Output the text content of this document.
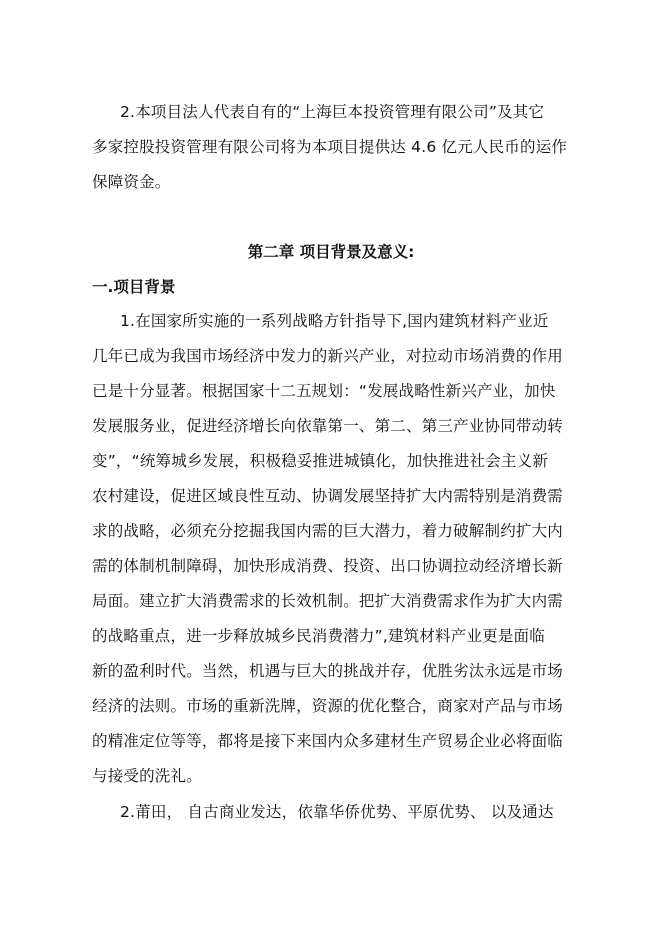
2.本项目法人代表自有的“上海巨本投资管理有限公司”及其它
多家控股投资管理有限公司将为本项目提供达 4.6 亿元人民币的运作
保障资金。
第二章 项目背景及意义:
一.项目背景
1.在国家所实施的一系列战略方针指导下,国内建筑材料产业近
几年已成为我国市场经济中发力的新兴产业，对拉动市场消费的作用
已是十分显著。根据国家十二五规划：“发展战略性新兴产业，加快
发展服务业，促进经济增长向依靠第一、第二、第三产业协同带动转
变”，“统筹城乡发展，积极稳妥推进城镇化，加快推进社会主义新
农村建设，促进区域良性互动、协调发展坚持扩大内需特别是消费需
求的战略，必须充分挖掘我国内需的巨大潜力，着力破解制约扩大内
需的体制机制障碍，加快形成消费、投资、出口协调拉动经济增长新
局面。建立扩大消费需求的长效机制。把扩大消费需求作为扩大内需
的战略重点，进一步释放城乡民消费潜力”,建筑材料产业更是面临
新的盈利时代。当然，机遇与巨大的挑战并存，优胜劣汰永远是市场
经济的法则。市场的重新洗牌，资源的优化整合，商家对产品与市场
的精准定位等等，都将是接下来国内众多建材生产贸易企业必将面临
与接受的洗礼。
2.莆田， 自古商业发达，依靠华侨优势、平原优势、 以及通达
